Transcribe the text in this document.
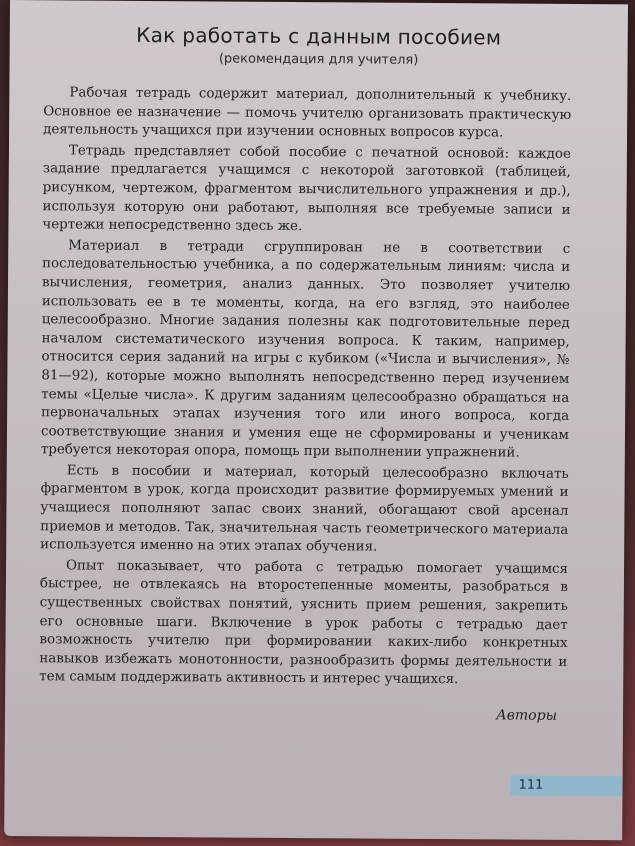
Как работать с данным пособием
(рекомендация для учителя)

Рабочая тетрадь содержит материал, дополнительный к учебнику. Основное ее назначение — помочь учителю организовать практическую деятельность учащихся при изучении основных вопросов курса.

Тетрадь представляет собой пособие с печатной основой: каждое задание предлагается учащимся с некоторой заготовкой (таблицей, рисунком, чертежом, фрагментом вычислительного упражнения и др.), используя которую они работают, выполняя все требуемые записи и чертежи непосредственно здесь же.

Материал в тетради сгруппирован не в соответствии с последовательностью учебника, а по содержательным линиям: числа и вычисления, геометрия, анализ данных. Это позволяет учителю использовать ее в те моменты, когда, на его взгляд, это наиболее целесообразно. Многие задания полезны как подготовительные перед началом систематического изучения вопроса. К таким, например, относится серия заданий на игры с кубиком («Числа и вычисления», № 81—92), которые можно выполнять непосредственно перед изучением темы «Целые числа». К другим заданиям целесообразно обращаться на первоначальных этапах изучения того или иного вопроса, когда соответствующие знания и умения еще не сформированы и ученикам требуется некоторая опора, помощь при выполнении упражнений.

Есть в пособии и материал, который целесообразно включать фрагментом в урок, когда происходит развитие формируемых умений и учащиеся пополняют запас своих знаний, обогащают свой арсенал приемов и методов. Так, значительная часть геометрического материала используется именно на этих этапах обучения.

Опыт показывает, что работа с тетрадью помогает учащимся быстрее, не отвлекаясь на второстепенные моменты, разобраться в существенных свойствах понятий, уяснить прием решения, закрепить его основные шаги. Включение в урок работы с тетрадью дает возможность учителю при формировании каких-либо конкретных навыков избежать монотонности, разнообразить формы деятельности и тем самым поддерживать активность и интерес учащихся.

Авторы
111
